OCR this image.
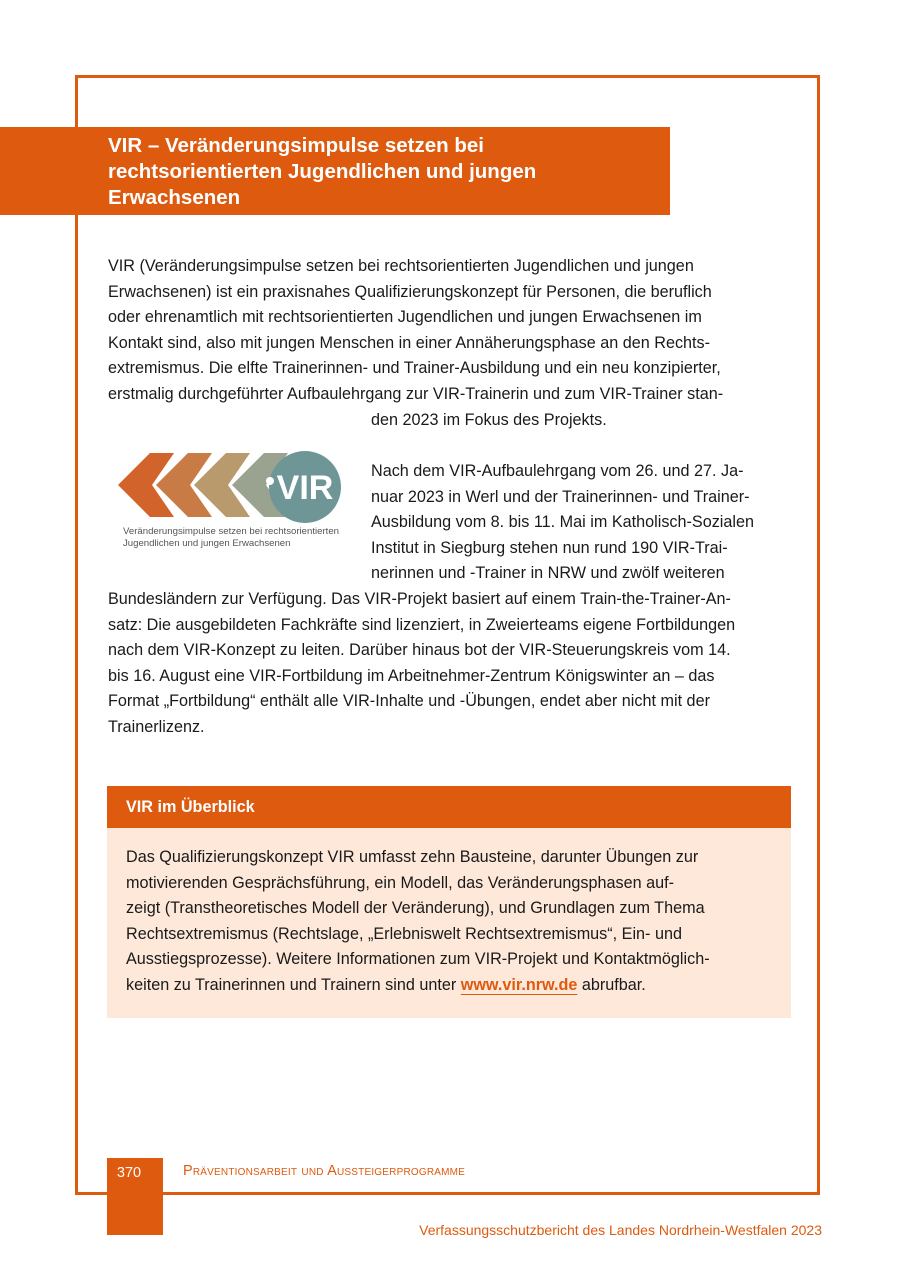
VIR – Veränderungsimpulse setzen bei
rechtsorientierten Jugendlichen und jungen
Erwachsenen

VIR (Veränderungsimpulse setzen bei rechtsorientierten Jugendlichen und jungen
Erwachsenen) ist ein praxisnahes Qualifizierungskonzept für Personen, die beruflich
oder ehrenamtlich mit rechtsorientierten Jugendlichen und jungen Erwachsenen im
Kontakt sind, also mit jungen Menschen in einer Annäherungsphase an den Rechts-
extremismus. Die elfte Trainerinnen- und Trainer-Ausbildung und ein neu konzipierter,
erstmalig durchgeführter Aufbaulehrgang zur VIR-Trainerin und zum VIR-Trainer stan-

den 2023 im Fokus des Projekts.

VIR
Veränderungsimpulse setzen bei rechtsorientierten
Jugendlichen und jungen Erwachsenen

Nach dem VIR-Aufbaulehrgang vom 26. und 27. Ja-
nuar 2023 in Werl und der Trainerinnen- und Trainer-
Ausbildung vom 8. bis 11. Mai im Katholisch-Sozialen
Institut in Siegburg stehen nun rund 190 VIR-Trai-
nerinnen und -Trainer in NRW und zwölf weiteren

Bundesländern zur Verfügung. Das VIR-Projekt basiert auf einem Train-the-Trainer-An-
satz: Die ausgebildeten Fachkräfte sind lizenziert, in Zweierteams eigene Fortbildungen
nach dem VIR-Konzept zu leiten. Darüber hinaus bot der VIR-Steuerungskreis vom 14.
bis 16. August eine VIR-Fortbildung im Arbeitnehmer-Zentrum Königswinter an – das
Format „Fortbildung“ enthält alle VIR-Inhalte und -Übungen, endet aber nicht mit der
Trainerlizenz.

VIR im Überblick

Das Qualifizierungskonzept VIR umfasst zehn Bausteine, darunter Übungen zur
motivierenden Gesprächsführung, ein Modell, das Veränderungsphasen auf-
zeigt (Transtheoretisches Modell der Veränderung), und Grundlagen zum Thema
Rechtsextremismus (Rechtslage, „Erlebniswelt Rechtsextremismus“, Ein- und
Ausstiegsprozesse). Weitere Informationen zum VIR-Projekt und Kontaktmöglich-
keiten zu Trainerinnen und Trainern sind unter www.vir.nrw.de abrufbar.

370	Präventionsarbeit und Aussteigerprogramme
Verfassungsschutzbericht des Landes Nordrhein-Westfalen 2023
